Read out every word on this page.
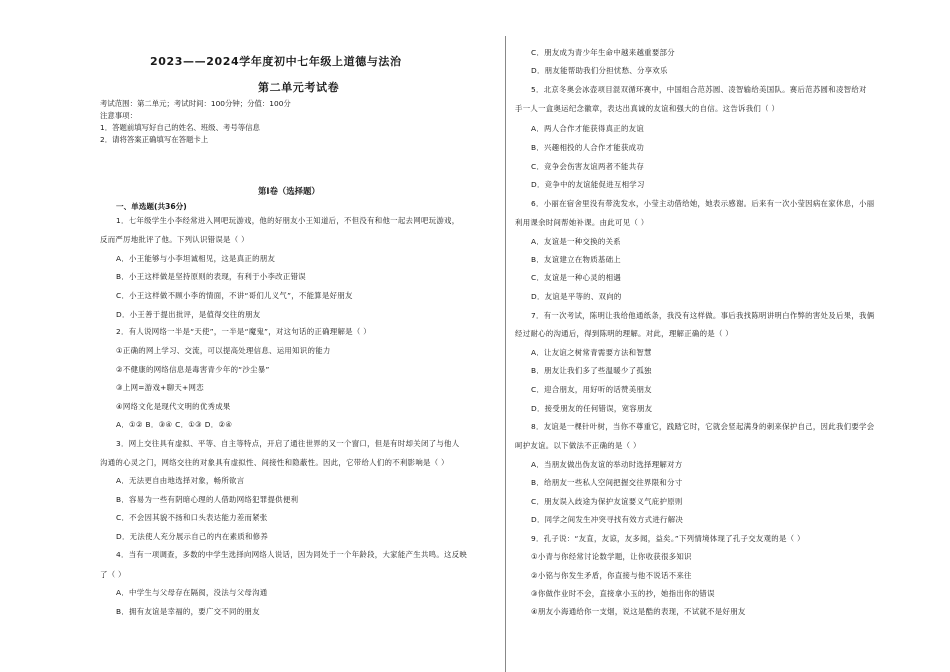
2023——2024学年度初中七年级上道德与法治
第二单元考试卷
考试范围：第二单元；考试时间：100分钟；分值：100分
注意事项：
1．答题前填写好自己的姓名、班级、考号等信息
2．请将答案正确填写在答题卡上
第Ⅰ卷（选择题）
一、单选题(共36分)
1．七年级学生小李经常进入网吧玩游戏，他的好朋友小王知道后，不但没有和他一起去网吧玩游戏，
反而严厉地批评了他。下列认识错误是（ ）
A．小王能够与小李坦诚相见，这是真正的朋友
B．小王这样做是坚持原则的表现，有利于小李改正错误
C．小王这样做不顾小李的情面，不讲“哥们儿义气”，不能算是好朋友
D．小王善于提出批评，是值得交往的朋友
2．有人说网络一半是“天使”，一半是“魔鬼”，对这句话的正确理解是（ ）
①正确的网上学习、交流，可以提高处理信息、运用知识的能力
②不健康的网络信息是毒害青少年的“沙尘暴”
③上网=游戏+聊天+网恋
④网络文化是现代文明的优秀成果
A．①② B．③④ C．①③ D．②④
3．网上交往具有虚拟、平等、自主等特点，开启了通往世界的又一个窗口，但是有时却关闭了与他人
沟通的心灵之门，网络交往的对象具有虚拟性、间接性和隐蔽性。因此，它带给人们的不利影响是（ ）
A．无法更自由地选择对象，畅所欲言
B．容易为一些有阴暗心理的人借助网络犯罪提供便利
C．不会因其貌不扬和口头表达能力差而紧张
D．无法使人充分展示自己的内在素质和修养
4．当有一项调查，多数的中学生选择向网络人说话，因为同处于一个年龄段，大家能产生共鸣。这反映
了（ ）
A．中学生与父母存在隔阂，没法与父母沟通
B．拥有友谊是幸福的，要广交不同的朋友
C．朋友成为青少年生命中越来越重要部分
D．朋友能帮助我们分担忧愁、分享欢乐
5．北京冬奥会冰壶项目混双循环赛中，中国组合范苏圆、凌智输给美国队。赛后范苏圆和凌智给对
手一人一盒奥运纪念徽章，表达出真诚的友谊和强大的自信。这告诉我们（ ）
A．两人合作才能获得真正的友谊
B．兴趣相投的人合作才能获成功
C．竞争会伤害友谊两者不能共存
D．竞争中的友谊能促进互相学习
6．小丽在宿舍里没有带洗发水，小莹主动借给她，她表示感谢。后来有一次小莹因病在家休息，小丽
利用课余时间帮她补课。由此可见（ ）
A．友谊是一种交换的关系
B．友谊建立在物质基础上
C．友谊是一种心灵的相遇
D．友谊是平等的、双向的
7．有一次考试，陈明让我给他通纸条，我没有这样做。事后我找陈明讲明白作弊的害处及后果，我俩
经过耐心的沟通后，得到陈明的理解。对此，理解正确的是（ ）
A．让友谊之树常青需要方法和智慧
B．朋友让我们多了些温暖少了孤独
C．迎合朋友，用好听的话赞美朋友
D．接受朋友的任何错误，宽容朋友
8．友谊是一棵针叶树，当你不尊重它，践踏它时，它就会竖起满身的刺来保护自己，因此我们要学会
呵护友谊。以下做法不正确的是（ ）
A．当朋友做出伪友谊的举动时选择理解对方
B．给朋友一些私人空间把握交往界限和分寸
C．朋友误入歧途为保护友谊要义气庇护原则
D．同学之间发生冲突寻找有效方式进行解决
9．孔子说：“友直，友谅，友多闻，益矣。”下列情境体现了孔子交友观的是（ ）
①小青与你经常讨论数学题，让你收获很多知识
②小铭与你发生矛盾，你直接与他不说话不来往
③你做作业时不会，直接拿小玉的抄，她指出你的错误
④朋友小海通给你一支烟，说这是酷的表现，不试就不是好朋友
